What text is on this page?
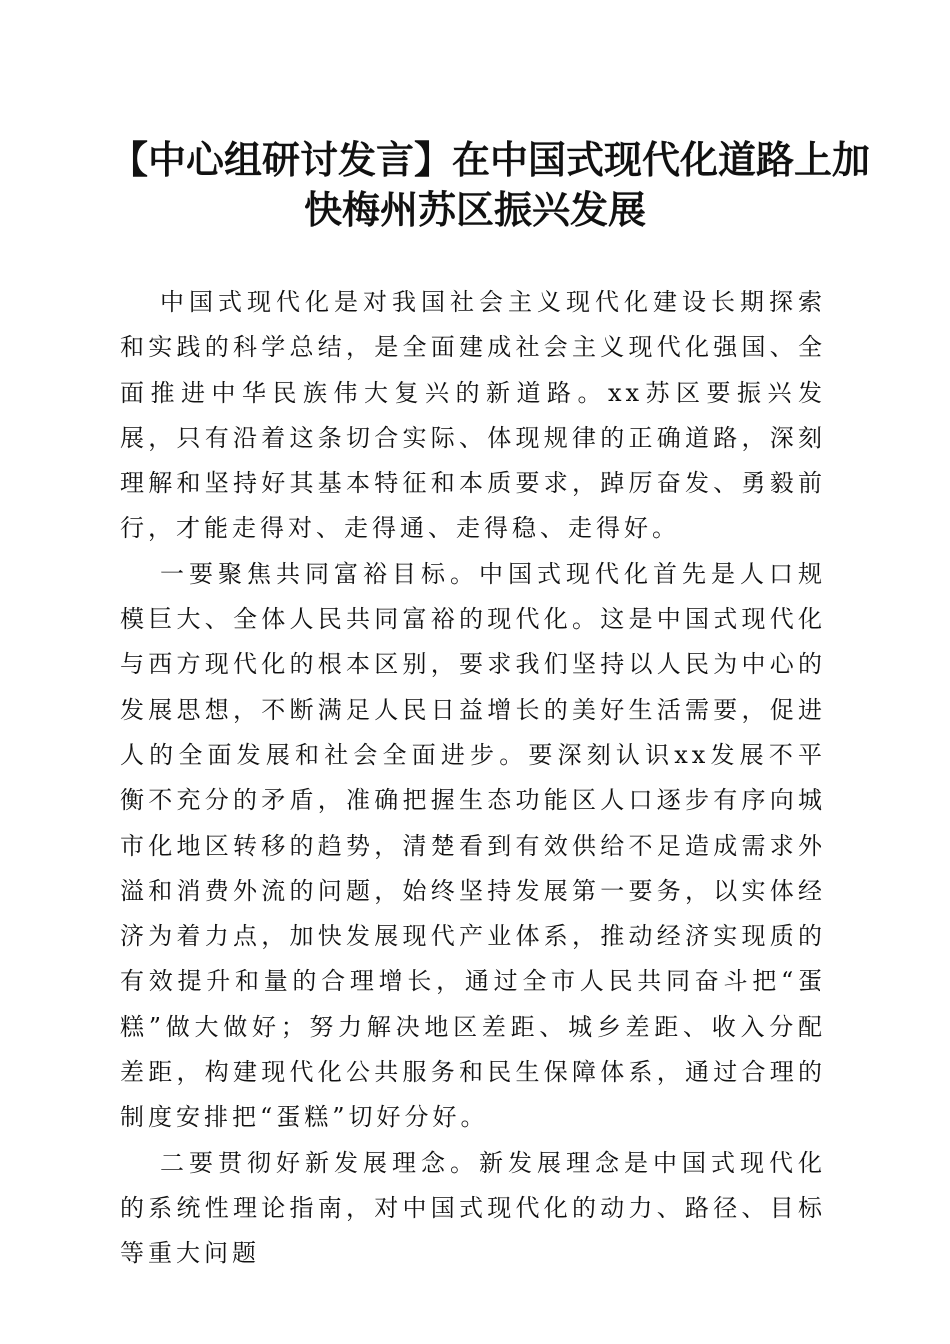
【中心组研讨发言】在中国式现代化道路上加
快梅州苏区振兴发展

中国式现代化是对我国社会主义现代化建设长期探索和实践的科学总结，是全面建成社会主义现代化强国、全面推进中华民族伟大复兴的新道路。xx苏区要振兴发展，只有沿着这条切合实际、体现规律的正确道路，深刻理解和坚持好其基本特征和本质要求，踔厉奋发、勇毅前行，才能走得对、走得通、走得稳、走得好。

一要聚焦共同富裕目标。中国式现代化首先是人口规模巨大、全体人民共同富裕的现代化。这是中国式现代化与西方现代化的根本区别，要求我们坚持以人民为中心的发展思想，不断满足人民日益增长的美好生活需要，促进人的全面发展和社会全面进步。要深刻认识xx发展不平衡不充分的矛盾，准确把握生态功能区人口逐步有序向城市化地区转移的趋势，清楚看到有效供给不足造成需求外溢和消费外流的问题，始终坚持发展第一要务，以实体经济为着力点，加快发展现代产业体系，推动经济实现质的有效提升和量的合理增长，通过全市人民共同奋斗把“蛋糕”做大做好；努力解决地区差距、城乡差距、收入分配差距，构建现代化公共服务和民生保障体系，通过合理的制度安排把“蛋糕”切好分好。

二要贯彻好新发展理念。新发展理念是中国式现代化的系统性理论指南，对中国式现代化的动力、路径、目标等重大问题
